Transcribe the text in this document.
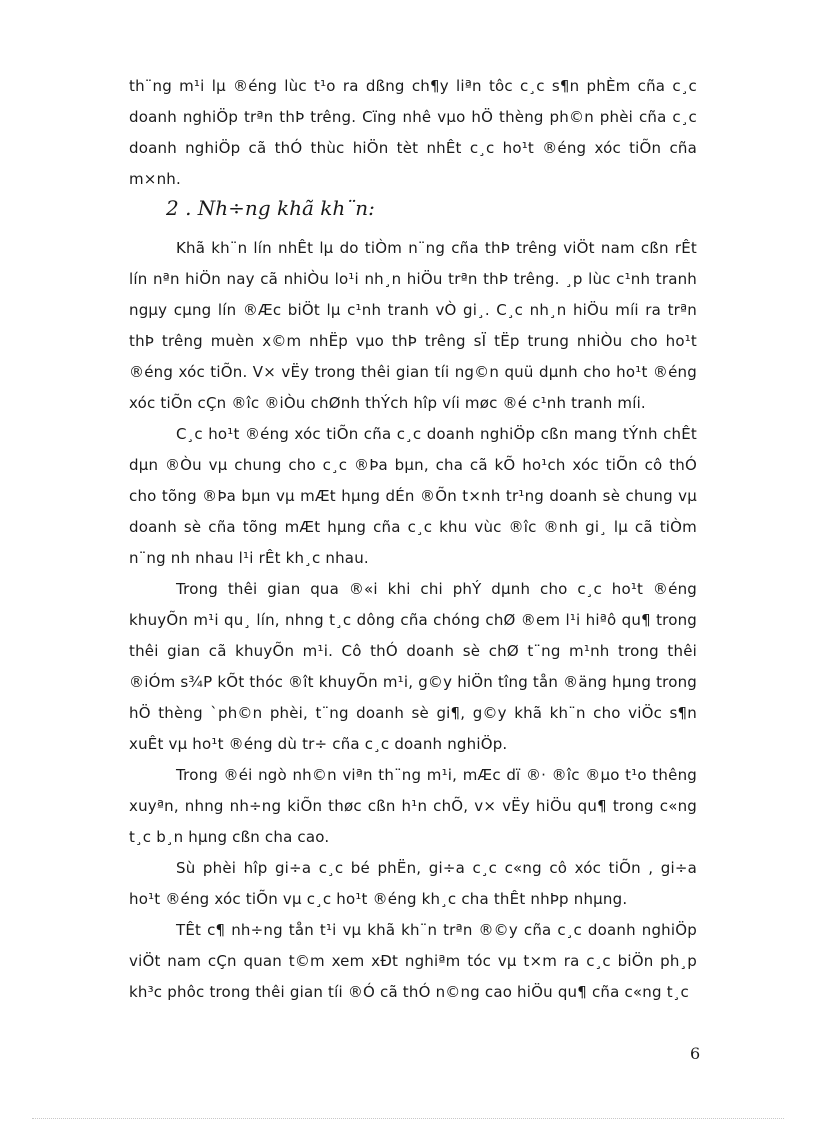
th¨ng m¹i lµ ®éng lùc t¹o ra dßng ch¶y liªn tôc c¸c s¶n phÈm cña c¸c doanh nghiÖp trªn thÞ trêng. Cïng nhê vµo hÖ thèng ph©n phèi cña c¸c doanh nghiÖp cã thÓ thùc hiÖn tèt nhÊt c¸c ho¹t ®éng xóc tiÕn cña m×nh.

2 . Nh÷ng khã kh¨n:

Khã kh¨n lín nhÊt lµ do tiÒm n¨ng cña thÞ trêng viÖt nam cßn rÊt lín nªn hiÖn nay cã nhiÒu lo¹i nh¸n hiÖu trªn thÞ trêng. ¸p lùc c¹nh tranh ngµy cµng lín ®Æc biÖt lµ c¹nh tranh vÒ gi¸. C¸c nh¸n hiÖu míi ra trªn thÞ trêng muèn x©m nhËp vµo thÞ trêng sÏ tËp trung nhiÒu cho ho¹t ®éng xóc tiÕn. V× vËy trong thêi gian tíi ng©n quü dµnh cho ho¹t ®éng xóc tiÕn cÇn ®îc ®iÒu chØnh thÝch hîp víi møc ®é c¹nh tranh míi.

C¸c ho¹t ®éng xóc tiÕn cña c¸c doanh nghiÖp cßn mang tÝnh chÊt dµn ®Òu vµ chung cho c¸c ®Þa bµn, cha cã kÕ ho¹ch xóc tiÕn cô thÓ cho tõng ®Þa bµn vµ mÆt hµng dÉn ®Õn t×nh tr¹ng doanh sè chung vµ doanh sè cña tõng mÆt hµng cña c¸c khu vùc ®îc ®nh gi¸ lµ cã tiÒm n¨ng nh nhau l¹i rÊt kh¸c nhau.

Trong thêi gian qua ®«i khi chi phÝ dµnh cho c¸c ho¹t ®éng khuyÕn m¹i qu¸ lín, nhng t¸c dông cña chóng chØ ®em l¹i hiªô qu¶ trong thêi gian cã khuyÕn m¹i. Cô thÓ doanh sè chØ t¨ng m¹nh trong thêi ®iÓm s¾P kÕt thóc ®ît khuyÕn m¹i, g©y hiÖn tîng tån ®äng hµng trong hÖ thèng `ph©n phèi, t¨ng doanh sè gi¶, g©y khã kh¨n cho viÖc s¶n xuÊt vµ ho¹t ®éng dù tr÷ cña c¸c doanh nghiÖp.

Trong ®éi ngò nh©n viªn th¨ng m¹i, mÆc dï ®· ®îc ®µo t¹o thêng xuyªn, nhng nh÷ng kiÕn thøc cßn h¹n chÕ, v× vËy hiÖu qu¶ trong c«ng t¸c b¸n hµng cßn cha cao.

Sù phèi hîp gi÷a c¸c bé phËn, gi÷a c¸c c«ng cô xóc tiÕn , gi÷a ho¹t ®éng xóc tiÕn vµ c¸c ho¹t ®éng kh¸c cha thÊt nhÞp nhµng.

TÊt c¶ nh÷ng tån t¹i vµ khã kh¨n trªn ®©y cña c¸c doanh nghiÖp viÖt nam cÇn quan t©m xem xÐt nghiªm tóc vµ t×m ra c¸c biÖn ph¸p kh³c phôc trong thêi gian tíi ®Ó cã thÓ n©ng cao hiÖu qu¶ cña c«ng t¸c

6
